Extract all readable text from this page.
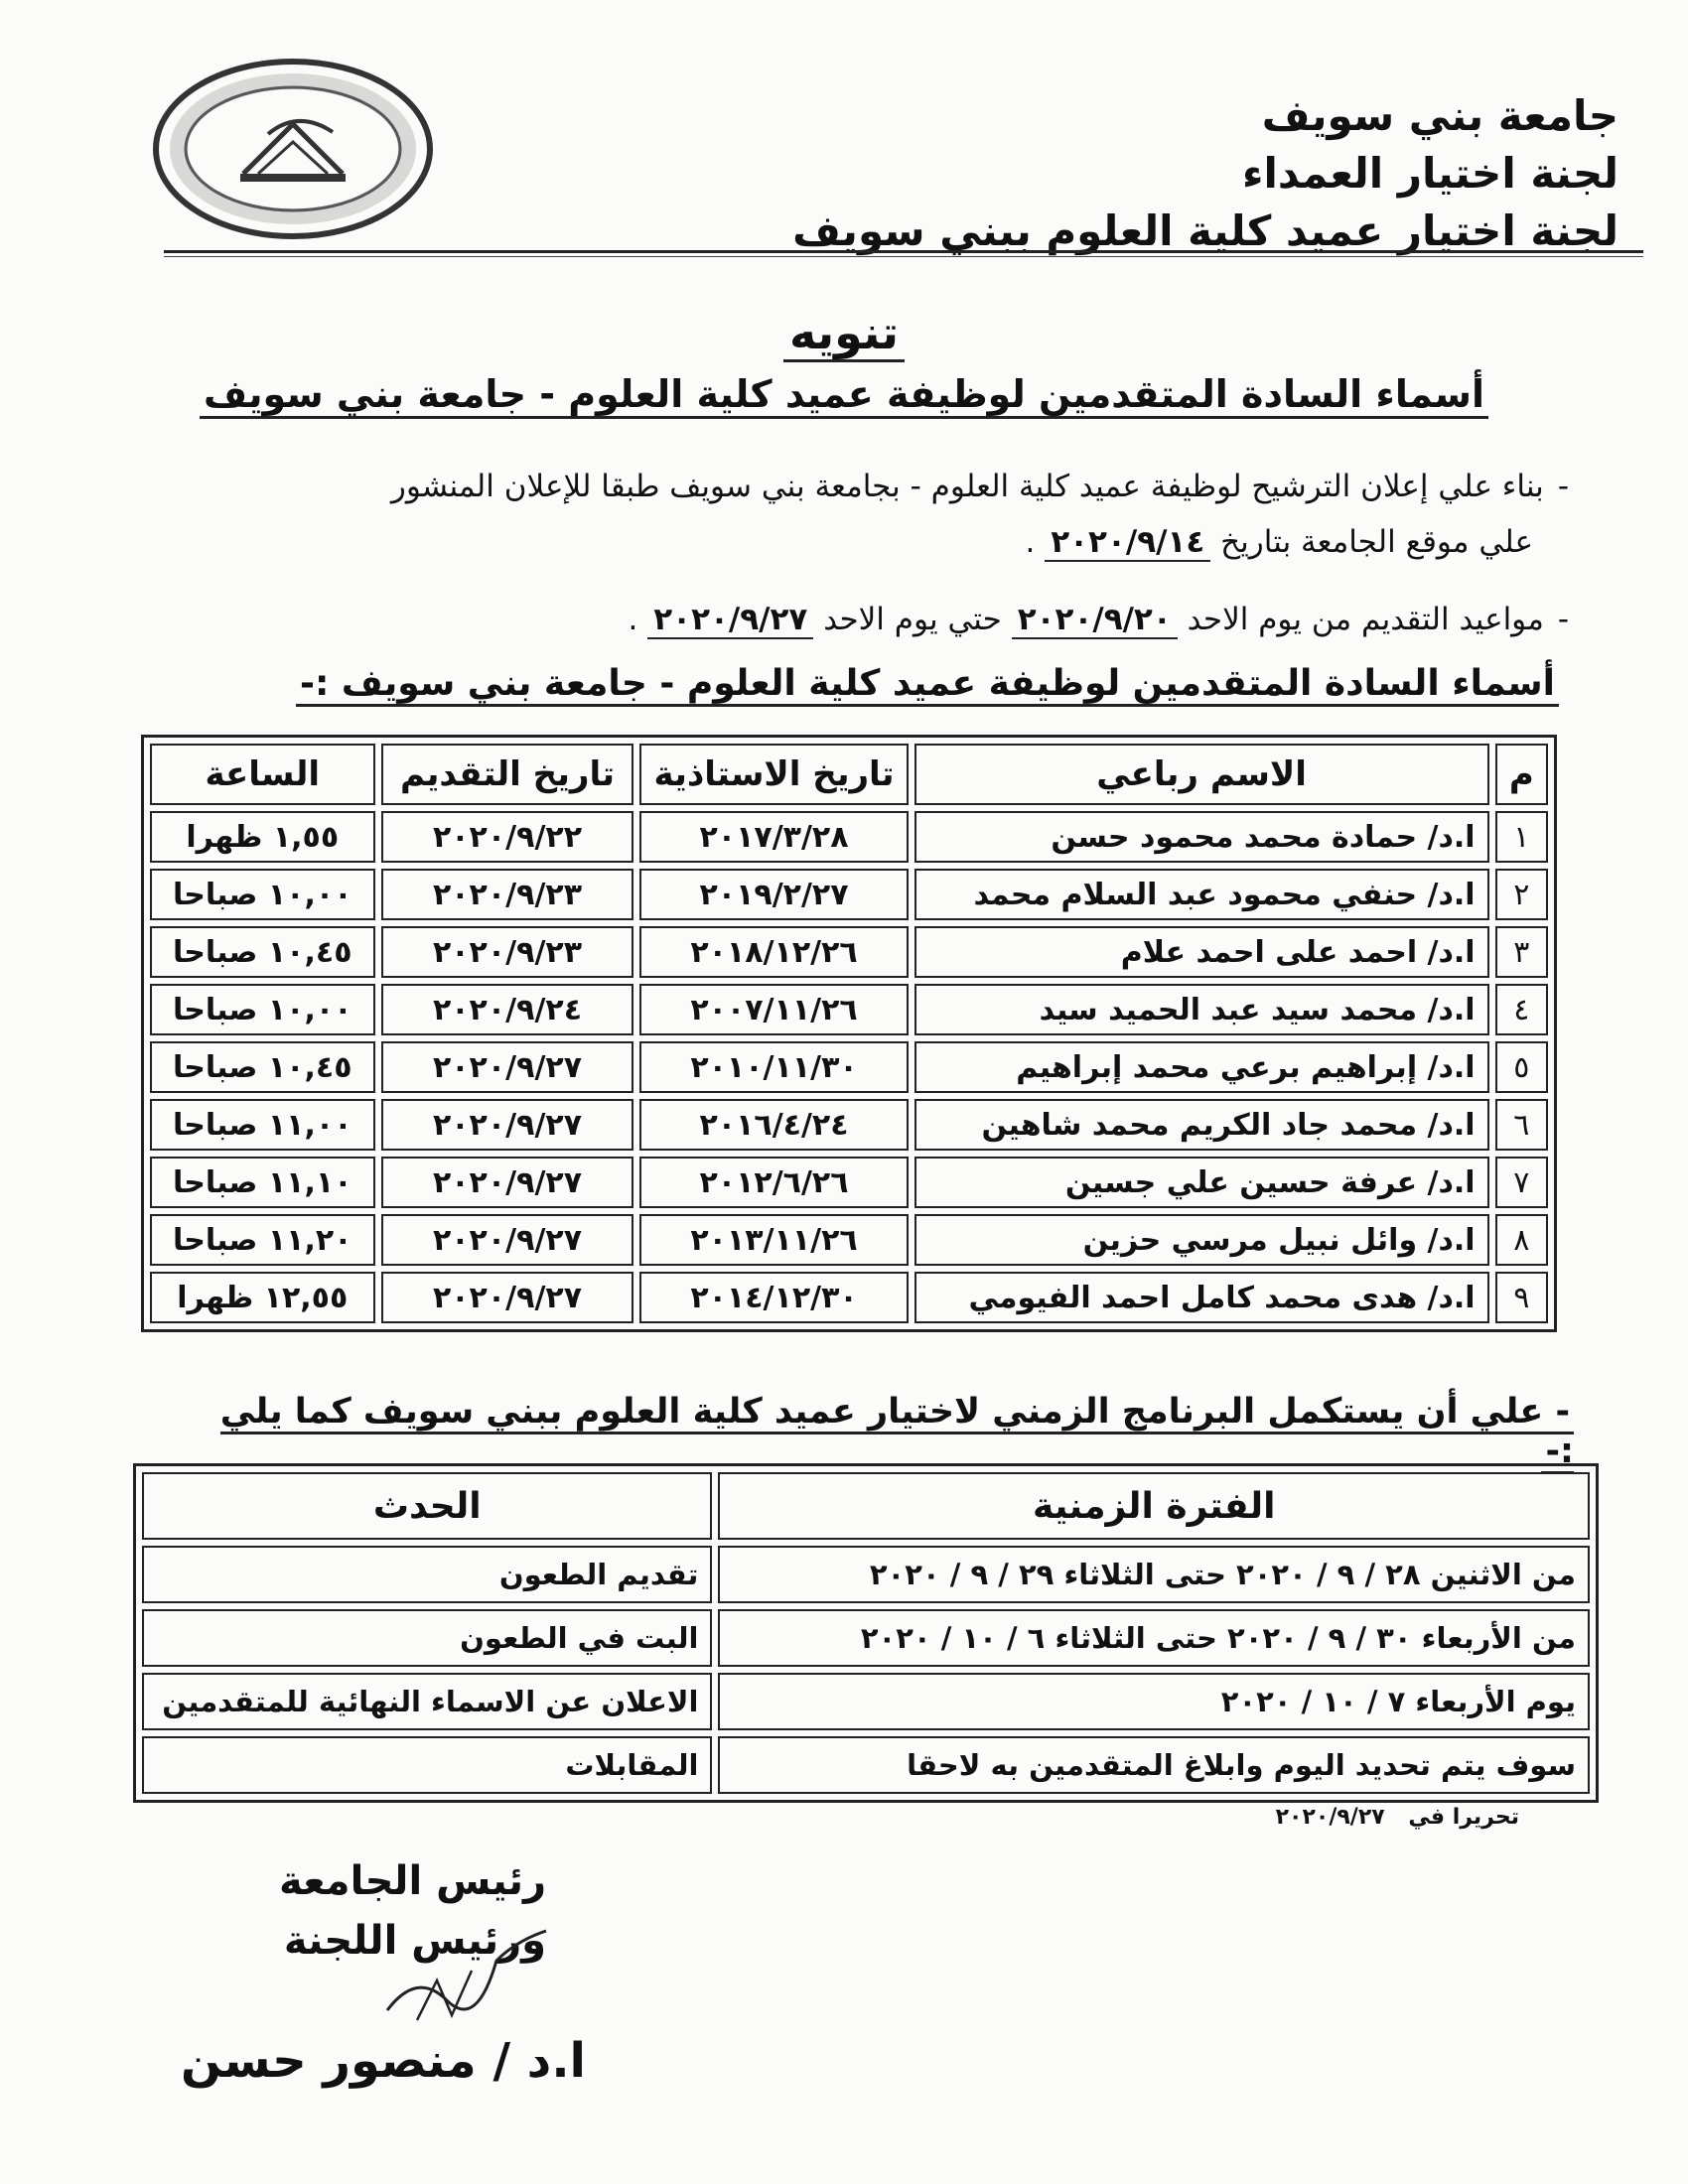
جامعة بني سويف
لجنة اختيار العمداء
لجنة اختيار عميد كلية العلوم ببني سويف
تنويه
أسماء السادة المتقدمين لوظيفة عميد كلية العلوم - جامعة بني سويف
-بناء علي إعلان الترشيح لوظيفة عميد كلية العلوم - بجامعة بني سويف طبقا للإعلان المنشور
علي موقع الجامعة بتاريخ ٢٠٢٠/٩/١٤ .
-مواعيد التقديم من يوم الاحد ٢٠٢٠/٩/٢٠ حتي يوم الاحد ٢٠٢٠/٩/٢٧ .
أسماء السادة المتقدمين لوظيفة عميد كلية العلوم - جامعة بني سويف :-
م	الاسم رباعي	تاريخ الاستاذية	تاريخ التقديم	الساعة
١	ا.د/ حمادة محمد محمود حسن	٢٠١٧/٣/٢٨	٢٠٢٠/٩/٢٢	١,٥٥ ظهرا
٢	ا.د/ حنفي محمود عبد السلام محمد	٢٠١٩/٢/٢٧	٢٠٢٠/٩/٢٣	١٠,٠٠ صباحا
٣	ا.د/ احمد على احمد علام	٢٠١٨/١٢/٢٦	٢٠٢٠/٩/٢٣	١٠,٤٥ صباحا
٤	ا.د/ محمد سيد عبد الحميد سيد	٢٠٠٧/١١/٢٦	٢٠٢٠/٩/٢٤	١٠,٠٠ صباحا
٥	ا.د/ إبراهيم برعي محمد إبراهيم	٢٠١٠/١١/٣٠	٢٠٢٠/٩/٢٧	١٠,٤٥ صباحا
٦	ا.د/ محمد جاد الكريم محمد شاهين	٢٠١٦/٤/٢٤	٢٠٢٠/٩/٢٧	١١,٠٠ صباحا
٧	ا.د/ عرفة حسين علي جسين	٢٠١٢/٦/٢٦	٢٠٢٠/٩/٢٧	١١,١٠ صباحا
٨	ا.د/ وائل نبيل مرسي حزين	٢٠١٣/١١/٢٦	٢٠٢٠/٩/٢٧	١١,٢٠ صباحا
٩	ا.د/ هدى محمد كامل احمد الفيومي	٢٠١٤/١٢/٣٠	٢٠٢٠/٩/٢٧	١٢,٥٥ ظهرا
- علي أن يستكمل البرنامج الزمني لاختيار عميد كلية العلوم ببني سويف كما يلي :-
الفترة الزمنية	الحدث
من الاثنين ٢٨ / ٩ / ٢٠٢٠ حتى الثلاثاء ٢٩ / ٩ / ٢٠٢٠	تقديم الطعون
من الأربعاء ٣٠ / ٩ / ٢٠٢٠ حتى الثلاثاء ٦ / ١٠ / ٢٠٢٠	البت في الطعون
يوم الأربعاء ٧ / ١٠ / ٢٠٢٠	الاعلان عن الاسماء النهائية للمتقدمين
سوف يتم تحديد اليوم وابلاغ المتقدمين به لاحقا	المقابلات
تحريرا في ٢٠٢٠/٩/٢٧
رئيس الجامعة
ورئيس اللجنة
ا.د / منصور حسن
